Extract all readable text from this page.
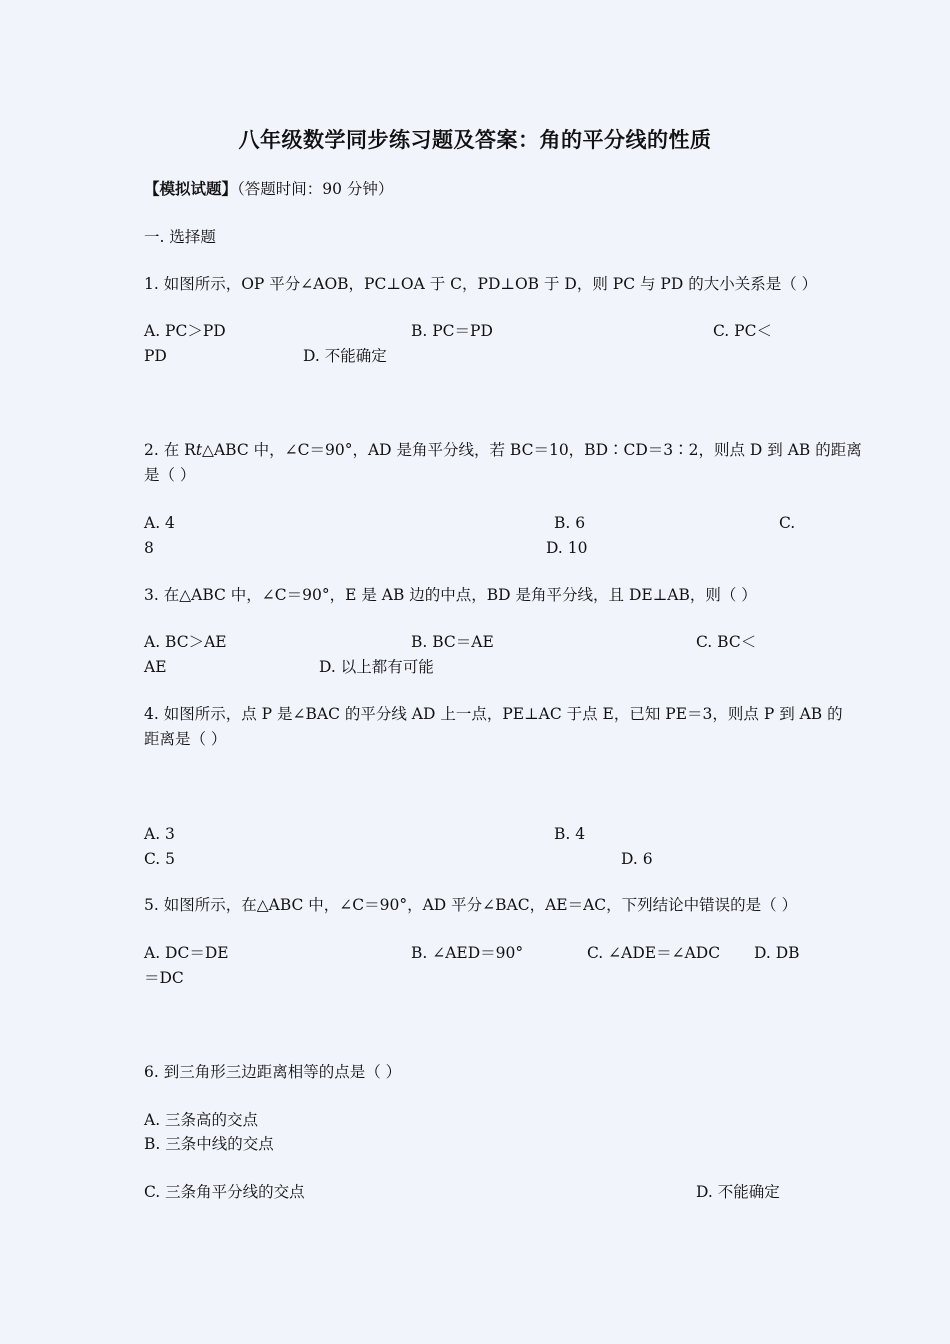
八年级数学同步练习题及答案：角的平分线的性质
【模拟试题】（答题时间：90 分钟）
一. 选择题
1. 如图所示，OP 平分∠AOB，PC⊥OA 于 C，PD⊥OB 于 D，则 PC 与 PD 的大小关系是（ ）
A. PC＞PD	B. PC＝PD	C. PC＜
PD	D. 不能确定
2. 在 R𝑡△ABC 中，∠C＝90°，AD 是角平分线，若 BC＝10，BD∶CD＝3∶2，则点 D 到 AB 的距离
是（ ）
A. 4	B. 6	C.
8	D. 10
3. 在△ABC 中，∠C＝90°，E 是 AB 边的中点，BD 是角平分线，且 DE⊥AB，则（ ）
A. BC＞AE	B. BC＝AE	C. BC＜
AE	D. 以上都有可能
4. 如图所示，点 P 是∠BAC 的平分线 AD 上一点，PE⊥AC 于点 E，已知 PE＝3，则点 P 到 AB 的
距离是（ ）
A. 3	B. 4
C. 5	D. 6
5. 如图所示，在△ABC 中，∠C＝90°，AD 平分∠BAC，AE＝AC，下列结论中错误的是（ ）
A. DC＝DE	B. ∠AED＝90°	C. ∠ADE＝∠ADC D. DB
＝DC
6. 到三角形三边距离相等的点是（ ）
A. 三条高的交点
B. 三条中线的交点
C. 三条角平分线的交点	D. 不能确定
